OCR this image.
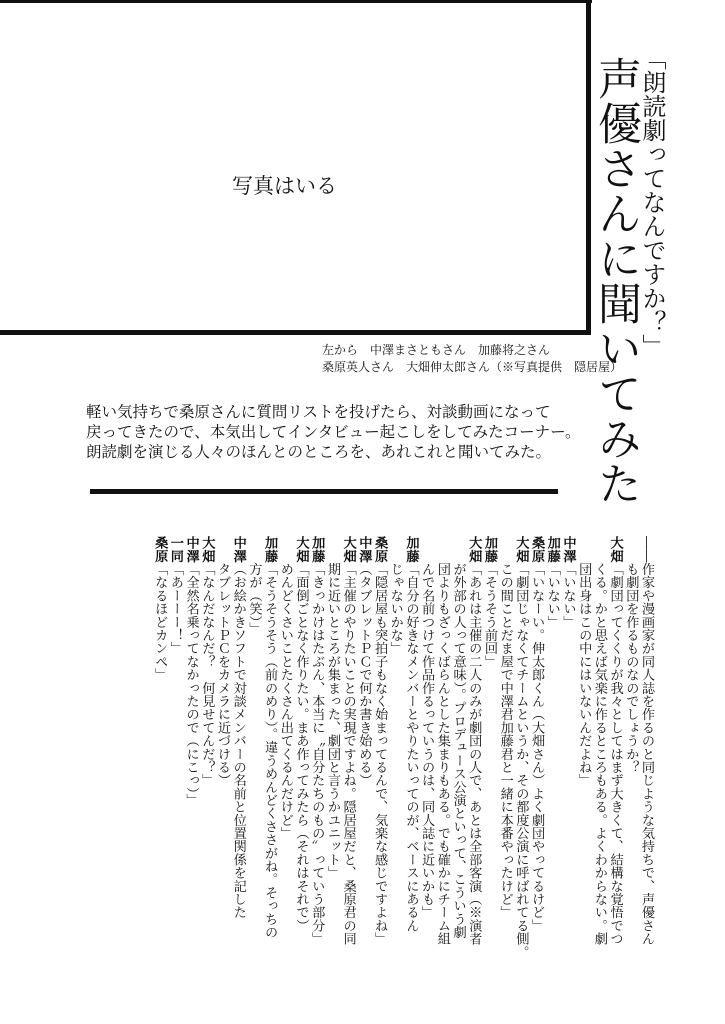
声優さんに聞いてみた
「朗読劇ってなんですか？」
写真はいる
左から　中澤まさともさん　加藤将之さん
桑原英人さん　大畑伸太郎さん（※写真提供　隠居屋）
軽い気持ちで桑原さんに質問リストを投げたら、対談動画になって
戻ってきたので、本気出してインタビュー起こしをしてみたコーナー。
朗読劇を演じる人々のほんとのところを、あれこれと聞いてみた。
――作家や漫画家が同人誌を作るのと同じような気持ちで、声優さん
　　も劇団を作るものなのでしょうか？
大畑「劇団ってくくりが我々としてはまず大きくて、結構な覚悟でつ
　　くる。かと思えば気楽に作るところもある。よくわからない。劇
　　団出身はこの中にはいないんだよね」
中澤「いない」
加藤「いない」
桑原「いなーい。伸太郎くん（大畑さん）よく劇団やってるけど」
大畑「劇団じゃなくてチームというか、その都度公演に呼ばれてる側。
　　この間ことだま屋で中澤君加藤君と一緒に本番やったけど」
加藤「そうそう前回」
大畑「あれは主催の二人のみが劇団の人で、あとは全部客演（※演者
　　が外部の人って意味）。プロデュース公演といって、こういう劇
　　団よりもざっくばらんとした集まりもある。でも確かにチーム組
　　んで名前つけて作品作るっていうのは、同人誌に近いかも」
加藤「自分の好きなメンバーとやりたいってのが、ベースにあるん
　　じゃないかな」
桑原「隠居屋も突拍子もなく始まってるんで、気楽な感じですよね」
中澤（タブレットＰＣで何か書き始める）
大畑「主催のやりたいことの実現ですよね。隠居屋だと、桑原君の同
　　期に近いところが集まった、劇団と言うかユニット」
加藤「きっかけはたぶん、本当に〝自分たちのもの〟っていう部分」
大畑「面倒ごとなく作りたい。まあ作ってみたら（それはそれで）
　　めんどくさいことたくさん出てくるんだけど」
加藤「そうそうそう（前のめり）。違うめんどくささがね。そっちの
　　方が（笑）」
中澤（お絵かきソフトで対談メンバーの名前と位置関係を記した
　　タブレットＰＣをカメラに近づける）
大畑「なんだなんだ？　何見せてんだ？」
中澤「全然名乗ってなかったので（にこっ）」
一同「あーーー！」
桑原「なるほどカンペ」
